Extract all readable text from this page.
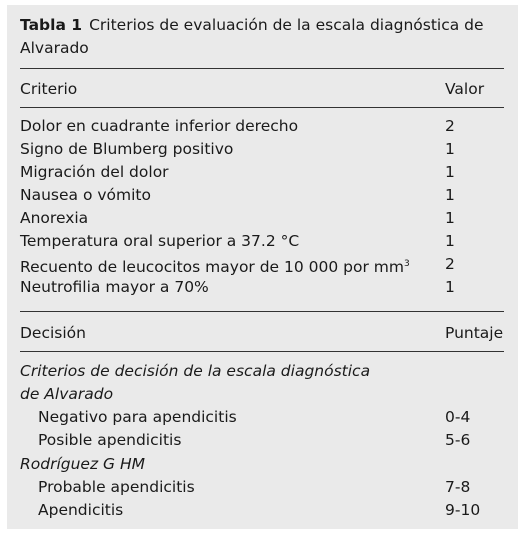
Tabla 1 Criterios de evaluación de la escala diagnóstica de Alvarado
Criterio	Valor
Dolor en cuadrante inferior derecho	2
Signo de Blumberg positivo	1
Migración del dolor	1
Nausea o vómito	1
Anorexia	1
Temperatura oral superior a 37.2 °C	1
Recuento de leucocitos mayor de 10 000 por $mm^3$ 2
Neutrofilia mayor a 70%	1
Decisión	Puntaje
Criterios de decisión de la escala diagnóstica
de Alvarado
Negativo para apendicitis	0-4
Posible apendicitis	5-6
Rodríguez G HM
Probable apendicitis	7-8
Apendicitis	9-10
